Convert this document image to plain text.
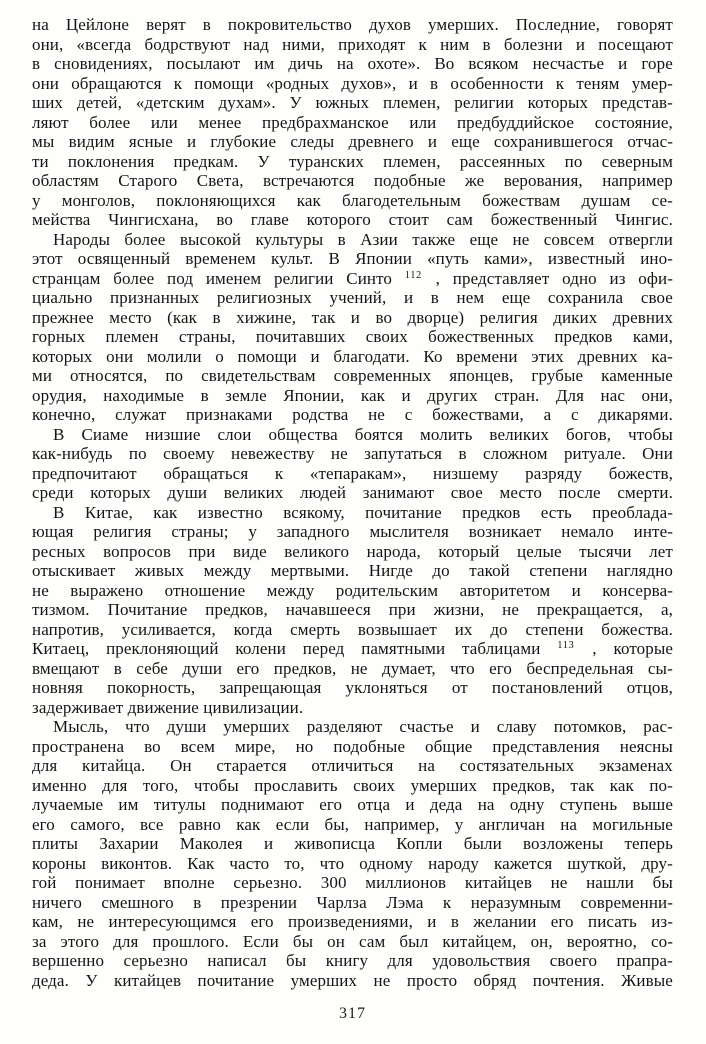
на Цейлоне верят в покровительство духов умерших. Последние, говорят
они, «всегда бодрствуют над ними, приходят к ним в болезни и посещают
в сновидениях, посылают им дичь на охоте». Во всяком несчастье и горе
они обращаются к помощи «родных духов», и в особенности к теням умер-
ших детей, «детским духам». У южных племен, религии которых представ-
ляют более или менее предбрахманское или предбуддийское состояние,
мы видим ясные и глубокие следы древнего и еще сохранившегося отчас-
ти поклонения предкам. У туранских племен, рассеянных по северным
областям Старого Света, встречаются подобные же верования, например
у монголов, поклоняющихся как благодетельным божествам душам се-
мейства Чингисхана, во главе которого стоит сам божественный Чингис.
Народы более высокой культуры в Азии также еще не совсем отвергли
этот освященный временем культ. В Японии «путь ками», известный ино-
странцам более под именем религии Синто $^{112}$ , представляет одно из офи-
циально признанных религиозных учений, и в нем еще сохранила свое
прежнее место (как в хижине, так и во дворце) религия диких древних
горных племен страны, почитавших своих божественных предков ками,
которых они молили о помощи и благодати. Ко времени этих древних ка-
ми относятся, по свидетельствам современных японцев, грубые каменные
орудия, находимые в земле Японии, как и других стран. Для нас они,
конечно, служат признаками родства не с божествами, а с дикарями.
В Сиаме низшие слои общества боятся молить великих богов, чтобы
как-нибудь по своему невежеству не запутаться в сложном ритуале. Они
предпочитают обращаться к «тепаракам», низшему разряду божеств,
среди которых души великих людей занимают свое место после смерти.
В Китае, как известно всякому, почитание предков есть преоблада-
ющая религия страны; у западного мыслителя возникает немало инте-
ресных вопросов при виде великого народа, который целые тысячи лет
отыскивает живых между мертвыми. Нигде до такой степени наглядно
не выражено отношение между родительским авторитетом и консерва-
тизмом. Почитание предков, начавшееся при жизни, не прекращается, а,
напротив, усиливается, когда смерть возвышает их до степени божества.
Китаец, преклоняющий колени перед памятными таблицами $^{113}$ , которые
вмещают в себе души его предков, не думает, что его беспредельная сы-
новняя покорность, запрещающая уклоняться от постановлений отцов,
задерживает движение цивилизации.
Мысль, что души умерших разделяют счастье и славу потомков, рас-
пространена во всем мире, но подобные общие представления неясны
для китайца. Он старается отличиться на состязательных экзаменах
именно для того, чтобы прославить своих умерших предков, так как по-
лучаемые им титулы поднимают его отца и деда на одну ступень выше
его самого, все равно как если бы, например, у англичан на могильные
плиты Захарии Маколея и живописца Копли были возложены теперь
короны виконтов. Как часто то, что одному народу кажется шуткой, дру-
гой понимает вполне серьезно. 300 миллионов китайцев не нашли бы
ничего смешного в презрении Чарлза Лэма к неразумным современни-
кам, не интересующимся его произведениями, и в желании его писать из-
за этого для прошлого. Если бы он сам был китайцем, он, вероятно, со-
вершенно серьезно написал бы книгу для удовольствия своего прапра-
деда. У китайцев почитание умерших не просто обряд почтения. Живые
317
